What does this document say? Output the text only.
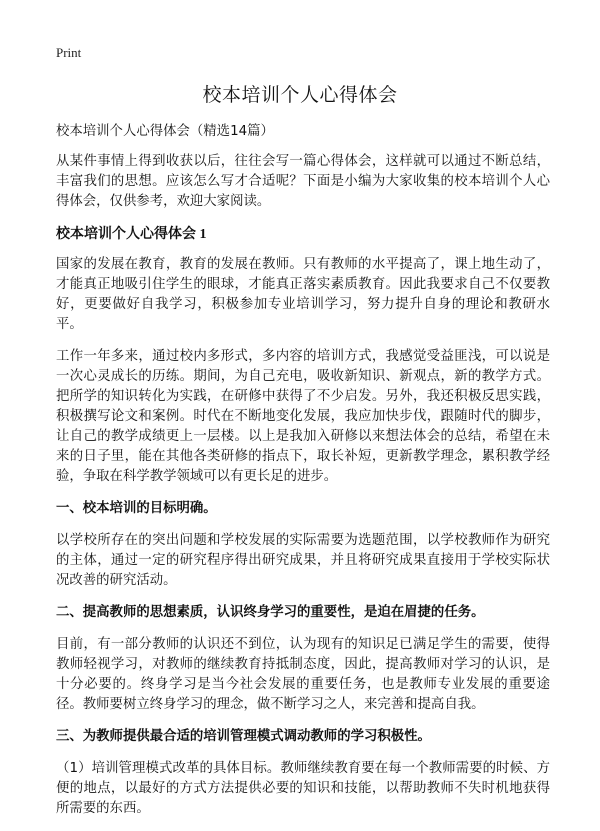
Print
校本培训个人心得体会

校本培训个人心得体会（精选14篇）

从某件事情上得到收获以后，往往会写一篇心得体会，这样就可以通过不断总结，丰富我们的思想。应该怎么写才合适呢？下面是小编为大家收集的校本培训个人心得体会，仅供参考，欢迎大家阅读。

校本培训个人心得体会 1

国家的发展在教育，教育的发展在教师。只有教师的水平提高了，课上地生动了，才能真正地吸引住学生的眼球，才能真正落实素质教育。因此我要求自己不仅要教好，更要做好自我学习，积极参加专业培训学习，努力提升自身的理论和教研水平。

工作一年多来，通过校内多形式，多内容的培训方式，我感觉受益匪浅，可以说是一次心灵成长的历练。期间，为自己充电，吸收新知识、新观点，新的教学方式。把所学的知识转化为实践，在研修中获得了不少启发。另外，我还积极反思实践，积极撰写论文和案例。时代在不断地变化发展，我应加快步伐，跟随时代的脚步，让自己的教学成绩更上一层楼。以上是我加入研修以来想法体会的总结，希望在未来的日子里，能在其他各类研修的指点下，取长补短，更新教学理念，累积教学经验，争取在科学教学领域可以有更长足的进步。

一、校本培训的目标明确。

以学校所存在的突出问题和学校发展的实际需要为选题范围，以学校教师作为研究的主体，通过一定的研究程序得出研究成果，并且将研究成果直接用于学校实际状况改善的研究活动。

二、提高教师的思想素质，认识终身学习的重要性，是迫在眉捷的任务。

目前，有一部分教师的认识还不到位，认为现有的知识足已满足学生的需要，使得教师轻视学习，对教师的继续教育持抵制态度，因此，提高教师对学习的认识，是十分必要的。终身学习是当今社会发展的重要任务，也是教师专业发展的重要途径。教师要树立终身学习的理念，做不断学习之人，来完善和提高自我。

三、为教师提供最合适的培训管理模式调动教师的学习积极性。

（1）培训管理模式改革的具体目标。教师继续教育要在每一个教师需要的时候、方便的地点，以最好的方式方法提供必要的知识和技能，以帮助教师不失时机地获得所需要的东西。
